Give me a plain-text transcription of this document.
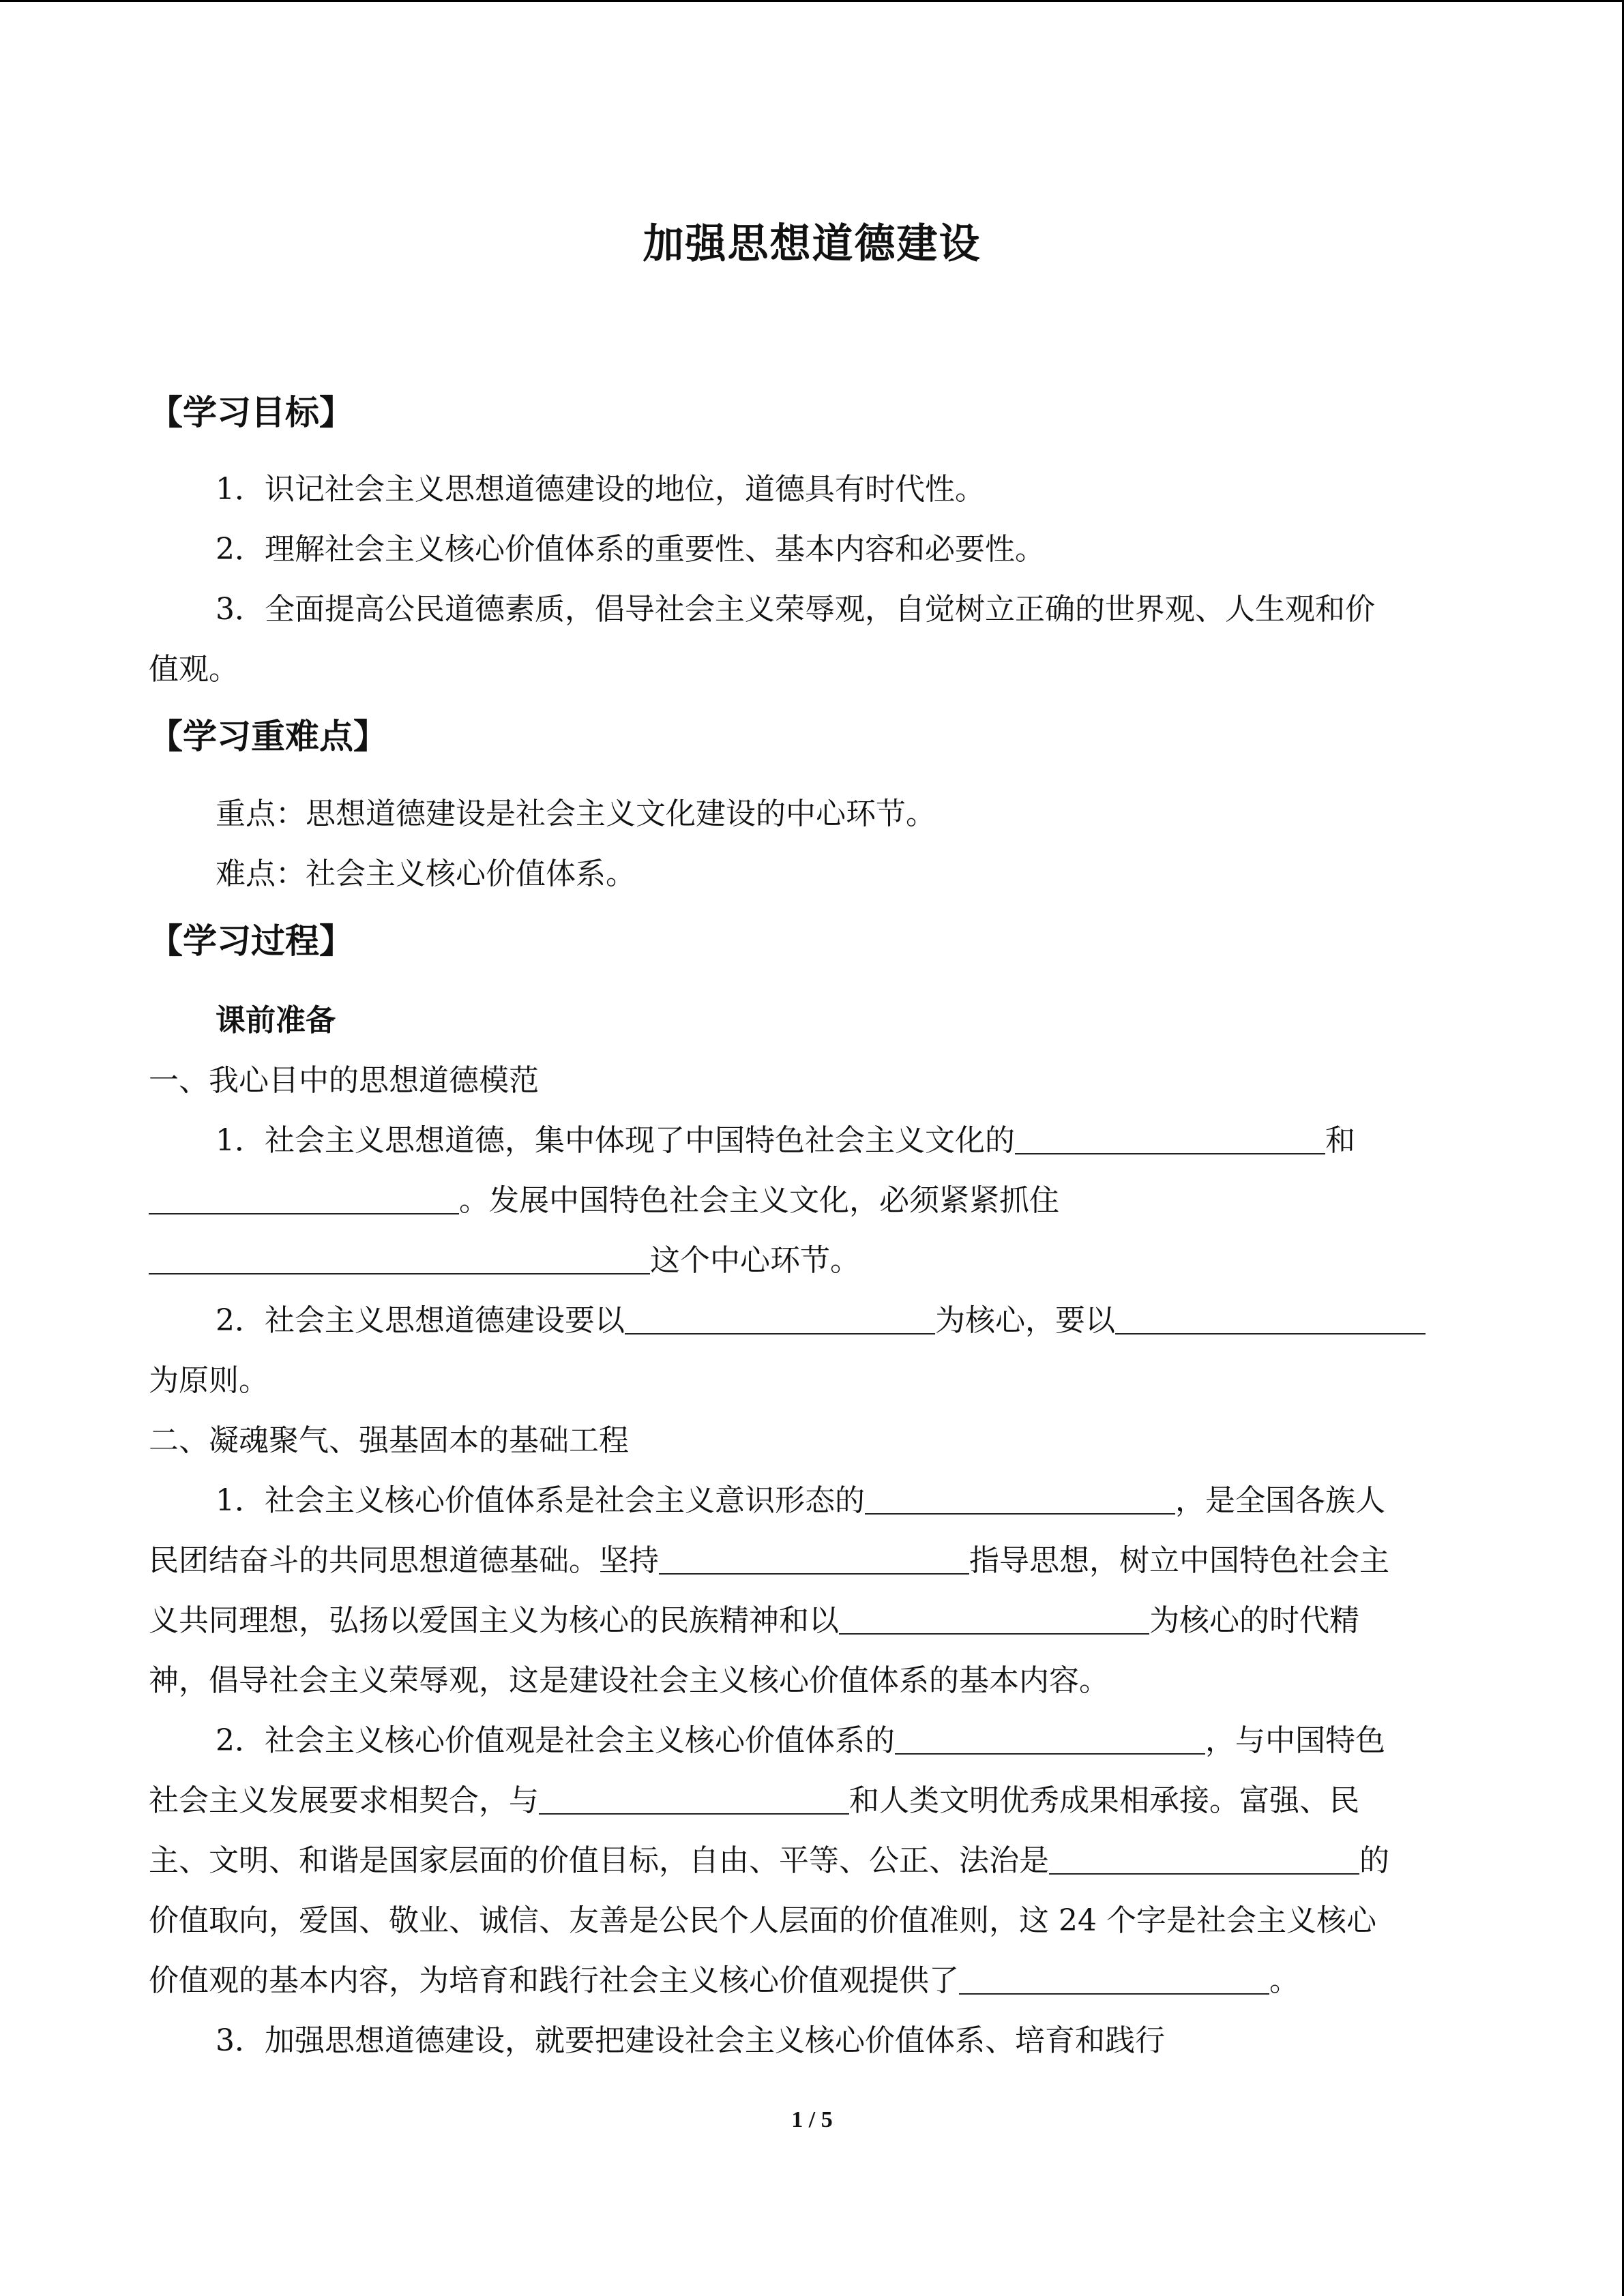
加强思想道德建设
【学习目标】
1．识记社会主义思想道德建设的地位，道德具有时代性。
2．理解社会主义核心价值体系的重要性、基本内容和必要性。
3．全面提高公民道德素质，倡导社会主义荣辱观，自觉树立正确的世界观、人生观和价
值观。
【学习重难点】
重点：思想道德建设是社会主义文化建设的中心环节。
难点：社会主义核心价值体系。
【学习过程】
课前准备
一、我心目中的思想道德模范
1．社会主义思想道德，集中体现了中国特色社会主义文化的	和
。发展中国特色社会主义文化，必须紧紧抓住
这个中心环节。
2．社会主义思想道德建设要以	为核心，要以
为原则。
二、凝魂聚气、强基固本的基础工程
1．社会主义核心价值体系是社会主义意识形态的	，是全国各族人
民团结奋斗的共同思想道德基础。坚持	指导思想，树立中国特色社会主
义共同理想，弘扬以爱国主义为核心的民族精神和以	为核心的时代精
神，倡导社会主义荣辱观，这是建设社会主义核心价值体系的基本内容。
2．社会主义核心价值观是社会主义核心价值体系的	，与中国特色
社会主义发展要求相契合，与	和人类文明优秀成果相承接。富强、民
主、文明、和谐是国家层面的价值目标，自由、平等、公正、法治是	的
价值取向，爱国、敬业、诚信、友善是公民个人层面的价值准则，这 24 个字是社会主义核心
价值观的基本内容，为培育和践行社会主义核心价值观提供了	。
3．加强思想道德建设，就要把建设社会主义核心价值体系、培育和践行
1 / 5
